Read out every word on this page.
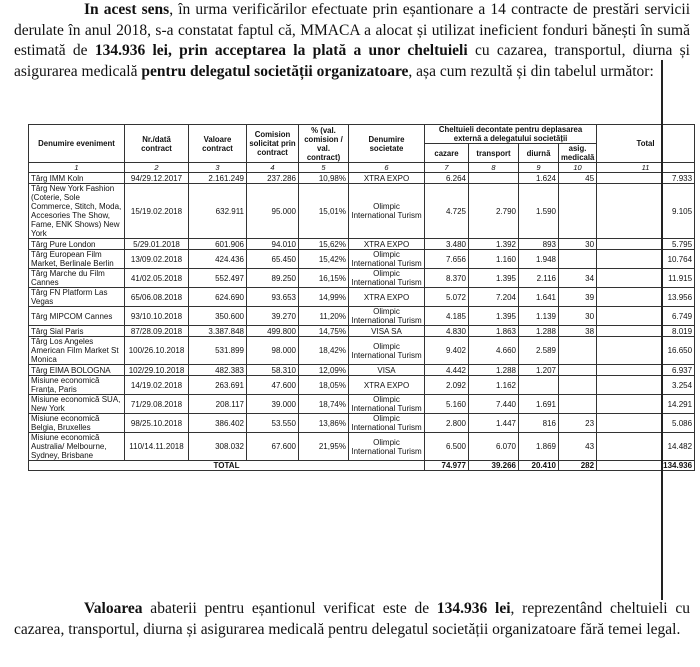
In acest sens, în urma verificărilor efectuate prin eșantionare a 14 contracte de prestări servicii derulate în anul 2018, s-a constatat faptul că, MMACA a alocat și utilizat ineficient fonduri bănești în sumă estimată de 134.936 lei, prin acceptarea la plată a unor cheltuieli cu cazarea, transportul, diurna și asigurarea medicală pentru delegatul societății organizatoare, așa cum rezultă și din tabelul următor:

Denumire eveniment	Nr./dată contract	Valoare contract	Comision solicitat prin contract	% (val. comision / val. contract)	Denumire societate	Cheltuieli decontate pentru deplasarea externă a delegatului societății				Total
						cazare	transport	diurnă	asig. medicală	
1	2	3	4	5	6	7	8	9	10	11
Târg IMM Koln	94/29.12.2017	2.161.249	237.286	10,98%	XTRA EXPO	6.264		1.624	45	7.933
Târg New York Fashion (Coterie, Sole Commerce, Stitch, Moda, Accesories The Show, Fame, ENK Shows) New York	15/19.02.2018	632.911	95.000	15,01%	Olimpic International Turism	4.725	2.790	1.590		9.105
Târg Pure London	5/29.01.2018	601.906	94.010	15,62%	XTRA EXPO	3.480	1.392	893	30	5.795
Târg European Film Market, Berlinale Berlin	13/09.02.2018	424.436	65.450	15,42%	Olimpic International Turism	7.656	1.160	1.948		10.764
Târg Marche du Film Cannes	41/02.05.2018	552.497	89.250	16,15%	Olimpic International Turism	8.370	1.395	2.116	34	11.915
Târg FN Platform Las Vegas	65/06.08.2018	624.690	93.653	14,99%	XTRA EXPO	5.072	7.204	1.641	39	13.956
Târg MIPCOM Cannes	93/10.10.2018	350.600	39.270	11,20%	Olimpic International Turism	4.185	1.395	1.139	30	6.749
Târg Sial Paris	87/28.09.2018	3.387.848	499.800	14,75%	VISA SA	4.830	1.863	1.288	38	8.019
Târg Los Angeles American Film Market St Monica	100/26.10.2018	531.899	98.000	18,42%	Olimpic International Turism	9.402	4.660	2.589		16.650
Târg EIMA BOLOGNA	102/29.10.2018	482.383	58.310	12,09%	VISA	4.442	1.288	1.207		6.937
Misiune economică Franța, Paris	14/19.02.2018	263.691	47.600	18,05%	XTRA EXPO	2.092	1.162			3.254
Misiune economică SUA, New York	71/29.08.2018	208.117	39.000	18,74%	Olimpic International Turism	5.160	7.440	1.691		14.291
Misiune economică Belgia, Bruxelles	98/25.10.2018	386.402	53.550	13,86%	Olimpic International Turism	2.800	1.447	816	23	5.086
Misiune economică Australia/ Melbourne, Sydney, Brisbane	110/14.11.2018	308.032	67.600	21,95%	Olimpic International Turism	6.500	6.070	1.869	43	14.482
TOTAL						74.977	39.266	20.410	282	134.936

Valoarea abaterii pentru eșantionul verificat este de 134.936 lei, reprezentând cheltuieli cu cazarea, transportul, diurna și asigurarea medicală pentru delegatul societății organizatoare fără temei legal.
